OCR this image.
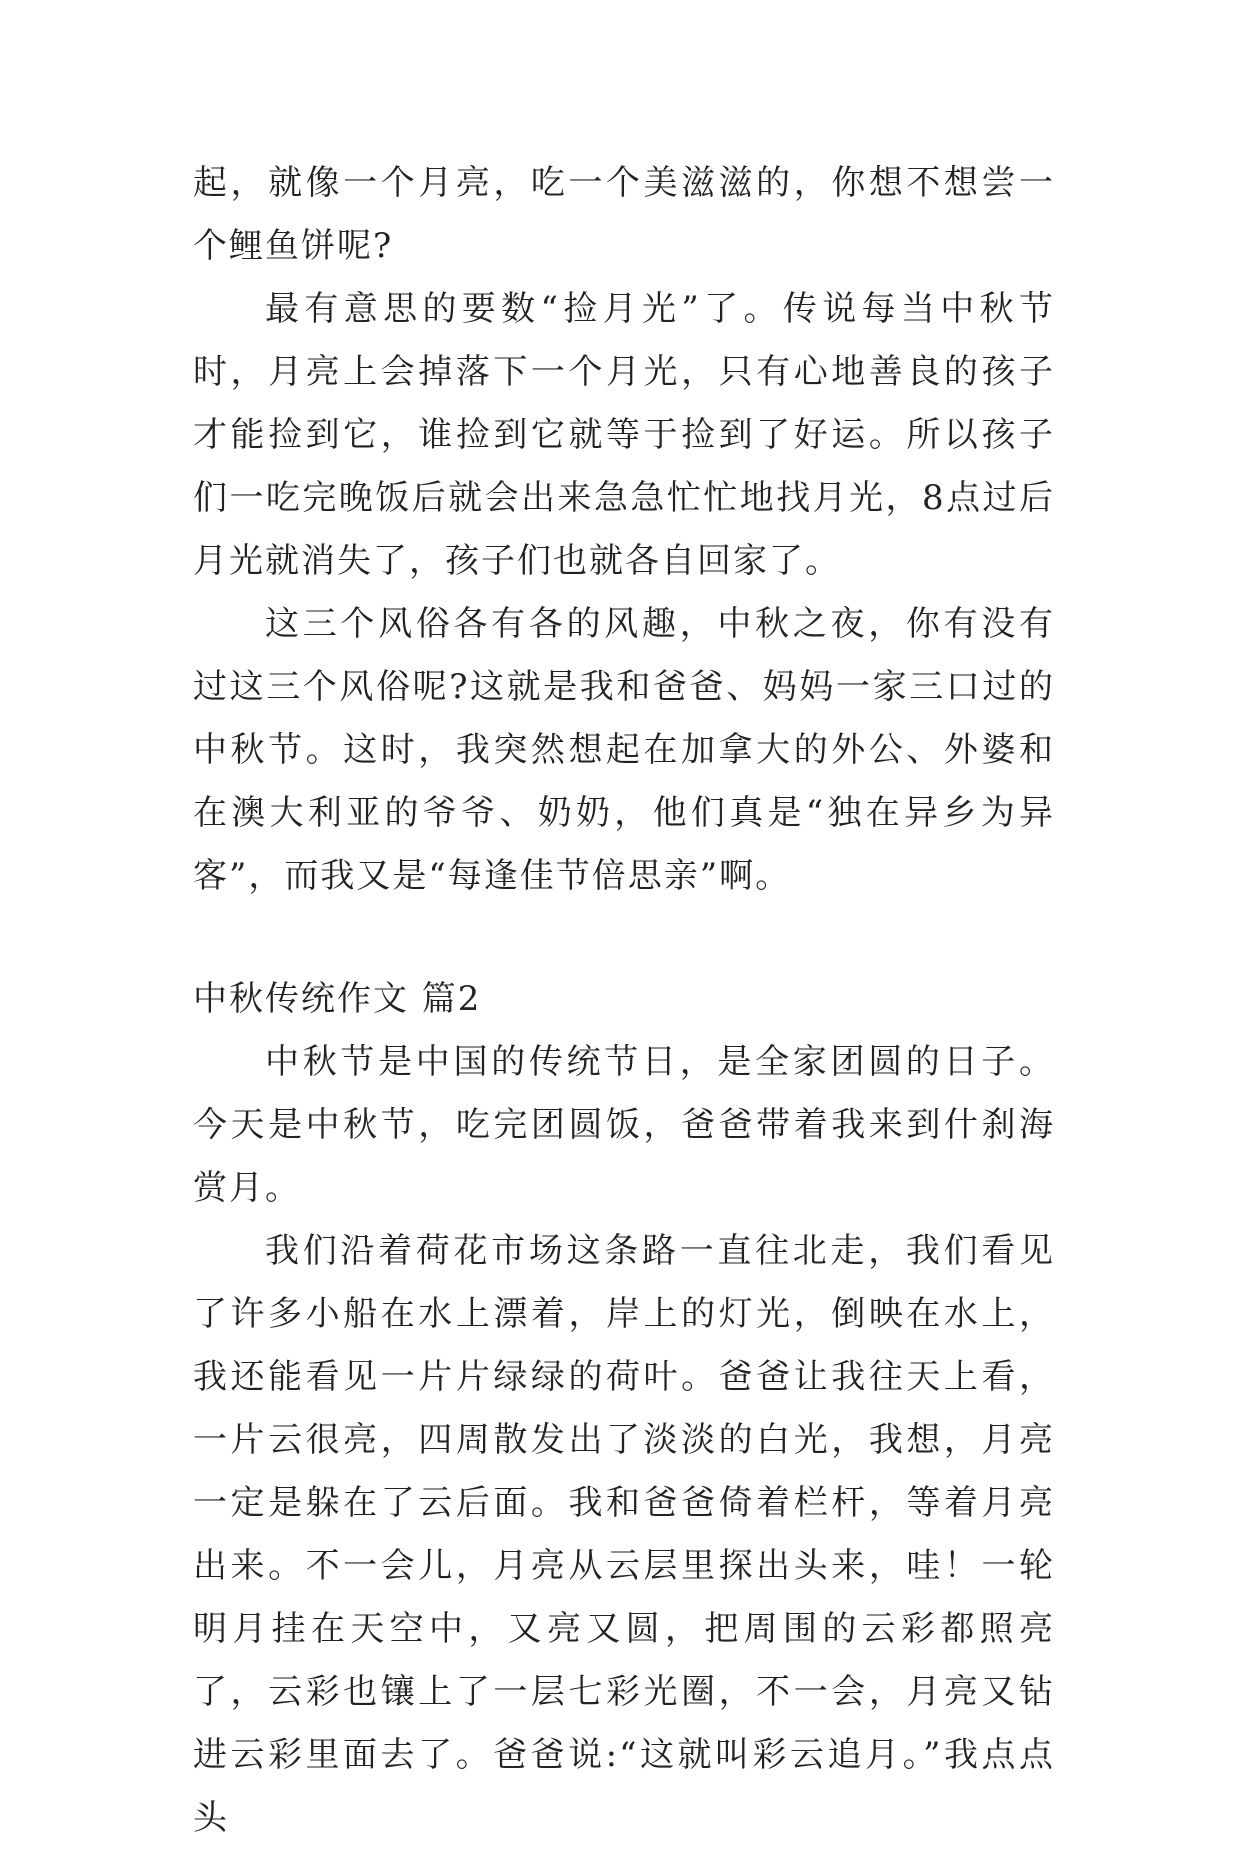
起，就像一个月亮，吃一个美滋滋的，你想不想尝一个鲤鱼饼呢?

最有意思的要数“捡月光”了。传说每当中秋节时，月亮上会掉落下一个月光，只有心地善良的孩子才能捡到它，谁捡到它就等于捡到了好运。所以孩子们一吃完晚饭后就会出来急急忙忙地找月光，8点过后月光就消失了，孩子们也就各自回家了。

这三个风俗各有各的风趣，中秋之夜，你有没有过这三个风俗呢?这就是我和爸爸、妈妈一家三口过的中秋节。这时，我突然想起在加拿大的外公、外婆和在澳大利亚的爷爷、奶奶，他们真是“独在异乡为异客”，而我又是“每逢佳节倍思亲”啊。

中秋传统作文 篇2

中秋节是中国的传统节日，是全家团圆的日子。今天是中秋节，吃完团圆饭，爸爸带着我来到什刹海赏月。

我们沿着荷花市场这条路一直往北走，我们看见了许多小船在水上漂着，岸上的灯光，倒映在水上，我还能看见一片片绿绿的荷叶。爸爸让我往天上看，一片云很亮，四周散发出了淡淡的白光，我想，月亮一定是躲在了云后面。我和爸爸倚着栏杆，等着月亮出来。不一会儿，月亮从云层里探出头来，哇！一轮明月挂在天空中，又亮又圆，把周围的云彩都照亮了，云彩也镶上了一层七彩光圈，不一会，月亮又钻进云彩里面去了。爸爸说:“这就叫彩云追月。”我点点头
